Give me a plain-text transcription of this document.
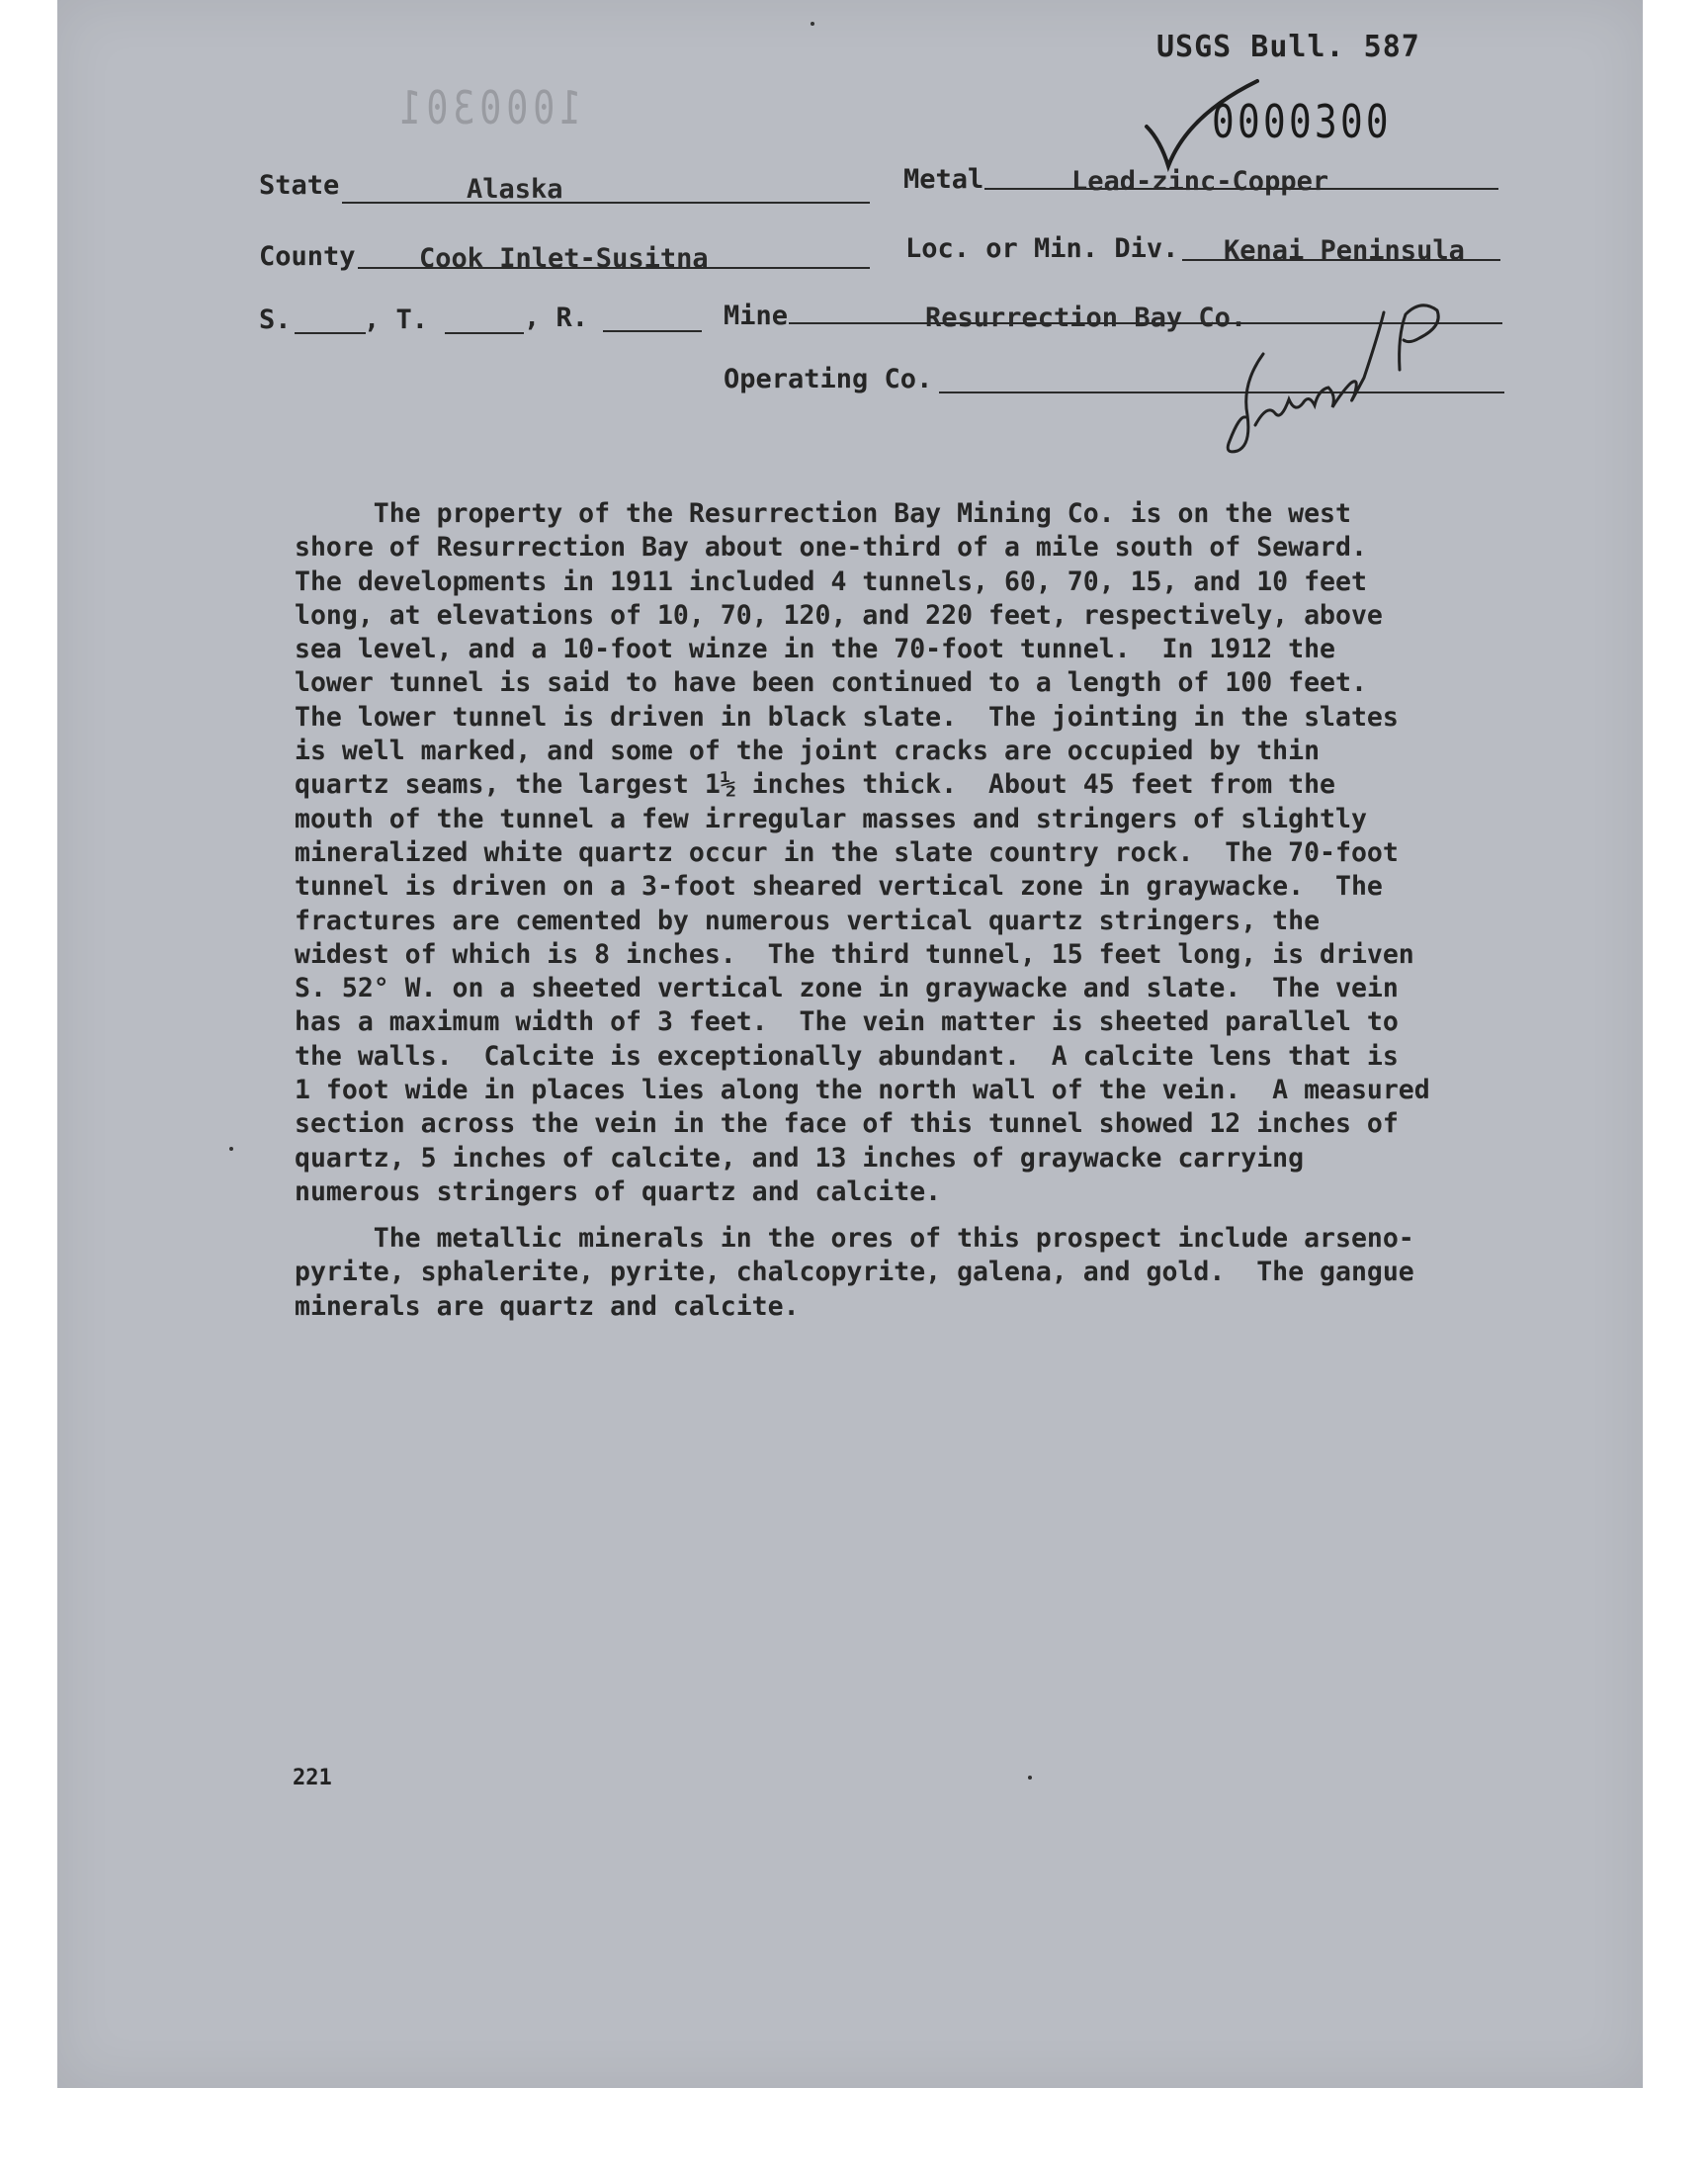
USGS Bull. 587
1000301	0000300
State	Alaska	Metal	Lead-zinc-Copper
County Cook Inlet-Susitna	Loc. or Min. Div. Kenai Peninsula
S.	, T.	, R.	Mine	Resurrection Bay Co.
Operating Co.
The property of the Resurrection Bay Mining Co. is on the west
shore of Resurrection Bay about one-third of a mile south of Seward.
The developments in 1911 included 4 tunnels, 60, 70, 15, and 10 feet
long, at elevations of 10, 70, 120, and 220 feet, respectively, above
sea level, and a 10-foot winze in the 70-foot tunnel.  In 1912 the
lower tunnel is said to have been continued to a length of 100 feet.
The lower tunnel is driven in black slate.  The jointing in the slates
is well marked, and some of the joint cracks are occupied by thin
quartz seams, the largest 1½ inches thick.  About 45 feet from the
mouth of the tunnel a few irregular masses and stringers of slightly
mineralized white quartz occur in the slate country rock.  The 70-foot
tunnel is driven on a 3-foot sheared vertical zone in graywacke.  The
fractures are cemented by numerous vertical quartz stringers, the
widest of which is 8 inches.  The third tunnel, 15 feet long, is driven
S. 52° W. on a sheeted vertical zone in graywacke and slate.  The vein
has a maximum width of 3 feet.  The vein matter is sheeted parallel to
the walls.  Calcite is exceptionally abundant.  A calcite lens that is
1 foot wide in places lies along the north wall of the vein.  A measured
section across the vein in the face of this tunnel showed 12 inches of
quartz, 5 inches of calcite, and 13 inches of graywacke carrying
numerous stringers of quartz and calcite.
The metallic minerals in the ores of this prospect include arseno-
pyrite, sphalerite, pyrite, chalcopyrite, galena, and gold.  The gangue
minerals are quartz and calcite.
221
